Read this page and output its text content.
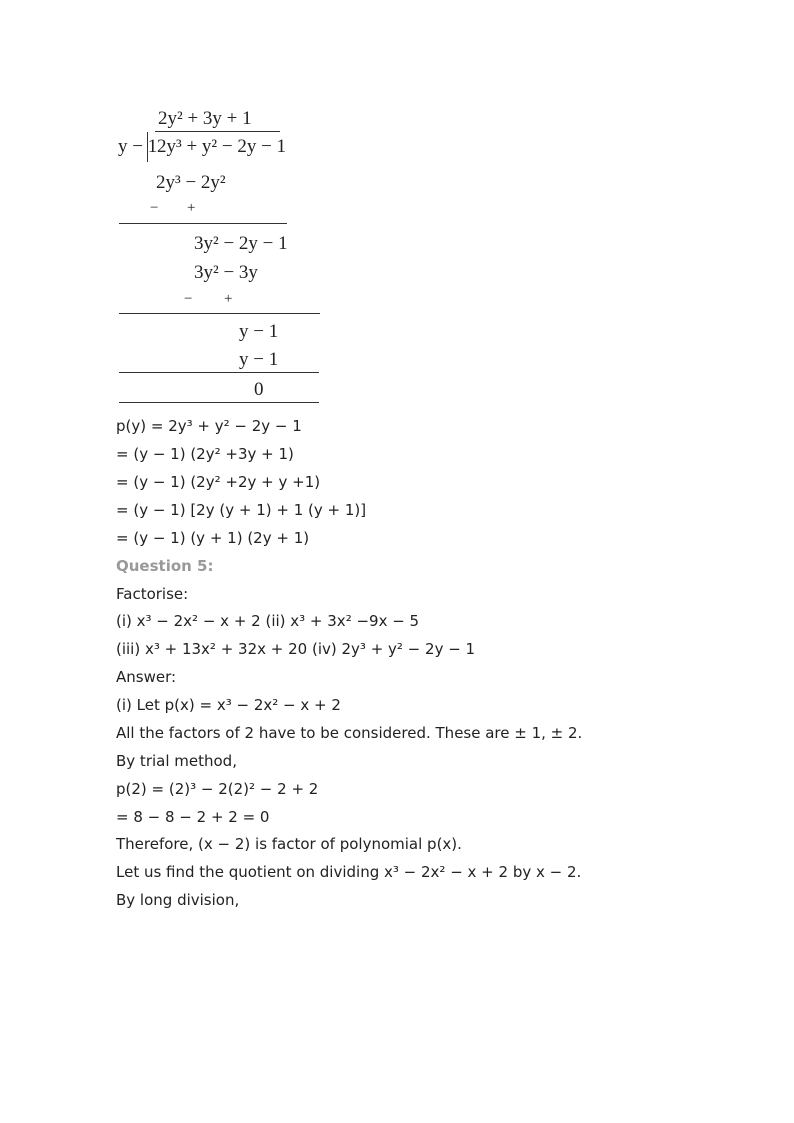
2y² + 3y + 1
y − 1 2y³ + y² − 2y − 1
2y³ − 2y²
− +
3y² − 2y − 1
3y² − 3y
− +
y − 1
y − 1
0
p(y) = 2y³ + y² − 2y − 1
= (y − 1) (2y² +3y + 1)
= (y − 1) (2y² +2y + y +1)
= (y − 1) [2y (y + 1) + 1 (y + 1)]
= (y − 1) (y + 1) (2y + 1)
Question 5:
Factorise:
(i) x³ − 2x² − x + 2 (ii) x³ + 3x² −9x − 5
(iii) x³ + 13x² + 32x + 20 (iv) 2y³ + y² − 2y − 1
Answer:
(i) Let p(x) = x³ − 2x² − x + 2
All the factors of 2 have to be considered. These are ± 1, ± 2.
By trial method,
p(2) = (2)³ − 2(2)² − 2 + 2
= 8 − 8 − 2 + 2 = 0
Therefore, (x − 2) is factor of polynomial p(x).
Let us find the quotient on dividing x³ − 2x² − x + 2 by x − 2.
By long division,
